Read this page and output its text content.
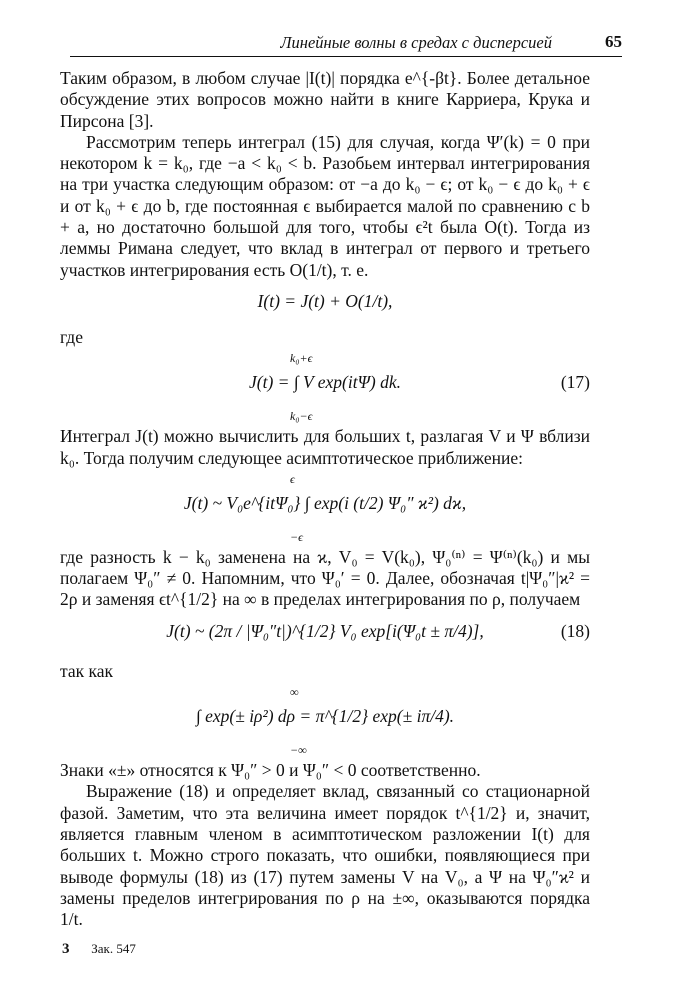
Линейные волны в средах с дисперсией	65

Таким образом, в любом случае |I(t)| порядка e^{-βt}. Более детальное обсуждение этих вопросов можно найти в книге Карриера, Крука и Пирсона [3].

Рассмотрим теперь интеграл (15) для случая, когда Ψ′(k) = 0 при некотором k = k₀, где −a < k₀ < b. Разобьем интервал интегрирования на три участка следующим образом: от −a до k₀ − ϵ; от k₀ − ϵ до k₀ + ϵ и от k₀ + ϵ до b, где постоянная ϵ выбирается малой по сравнению с b + a, но достаточно большой для того, чтобы ϵ²t была O(t). Тогда из леммы Римана следует, что вклад в интеграл от первого и третьего участков интегрирования есть O(1/t), т. е.

I(t) = J(t) + O(1/t),

где

k₀+ϵ
J(t) = ∫ V exp(itΨ) dk.
k₀−ϵ
(17)

Интеграл J(t) можно вычислить для больших t, разлагая V и Ψ вблизи k₀. Тогда получим следующее асимптотическое приближение:

ϵ
J(t) ~ V₀e^{itΨ₀} ∫ exp(i (t/2) Ψ₀″ ϰ²) dϰ,
−ϵ

где разность k − k₀ заменена на ϰ, V₀ = V(k₀), Ψ₀⁽ⁿ⁾ = Ψ⁽ⁿ⁾(k₀) и мы полагаем Ψ₀″ ≠ 0. Напомним, что Ψ₀′ = 0. Далее, обозначая t|Ψ₀″|ϰ² = 2ρ и заменяя ϵt^{1/2} на ∞ в пределах интегрирования по ρ, получаем

J(t) ~ (2π / |Ψ₀″t|)^{1/2} V₀ exp[i(Ψ₀t ± π/4)],	(18)

так как

∞
∫ exp(± iρ²) dρ = π^{1/2} exp(± iπ/4).
−∞

Знаки «±» относятся к Ψ₀″ > 0 и Ψ₀″ < 0 соответственно.

Выражение (18) и определяет вклад, связанный со стационарной фазой. Заметим, что эта величина имеет порядок t^{1/2} и, значит, является главным членом в асимптотическом разложении I(t) для больших t. Можно строго показать, что ошибки, появляющиеся при выводе формулы (18) из (17) путем замены V на V₀, а Ψ на Ψ₀″ϰ² и замены пределов интегрирования по ρ на ±∞, оказываются порядка 1/t.

3 Зак. 547
